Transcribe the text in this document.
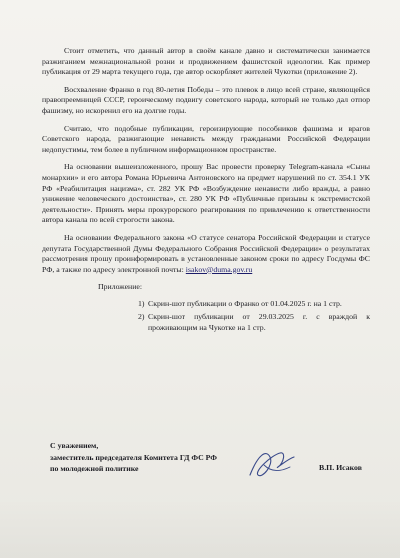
Стоит отметить, что данный автор в своём канале давно и систематически занимается разжиганием межнациональной розни и продвижением фашистской идеологии. Как пример публикация от 29 марта текущего года, где автор оскорбляет жителей Чукотки (приложение 2).

Восхваление Франко в год 80-летия Победы – это плевок в лицо всей стране, являющейся правопреемницей СССР, героическому подвигу советского народа, который не только дал отпор фашизму, но искоренил его на долгие годы.

Считаю, что подобные публикации, героизирующие пособников фашизма и врагов Советского народа, разжигающие ненависть между гражданами Российской Федерации недопустимы, тем более в публичном информационном пространстве.

На основании вышеизложенного, прошу Вас провести проверку Telegram-канала «Сыны монархии» и его автора Романа Юрьевича Антоновского на предмет нарушений по ст. 354.1 УК РФ «Реабилитация нацизма», ст. 282 УК РФ «Возбуждение ненависти либо вражды, а равно унижение человеческого достоинства», ст. 280 УК РФ «Публичные призывы к экстремистской деятельности». Принять меры прокурорского реагирования по привлечению к ответственности автора канала по всей строгости закона.

На основании Федерального закона «О статусе сенатора Российской Федерации и статусе депутата Государственной Думы Федерального Собрания Российской Федерации» о результатах рассмотрения прошу проинформировать в установленные законом сроки по адресу Госдумы ФС РФ, а также по адресу электронной почты: isakov@duma.gov.ru

Приложение:
1) Скрин-шот публикации о Франко от 01.04.2025 г. на 1 стр.
2) Скрин-шот публикации от 29.03.2025 г. с враждой к проживающим на Чукотке на 1 стр.
С уважением,
заместитель председателя Комитета ГД ФС РФ
по молодежной политике	В.П. Исаков
